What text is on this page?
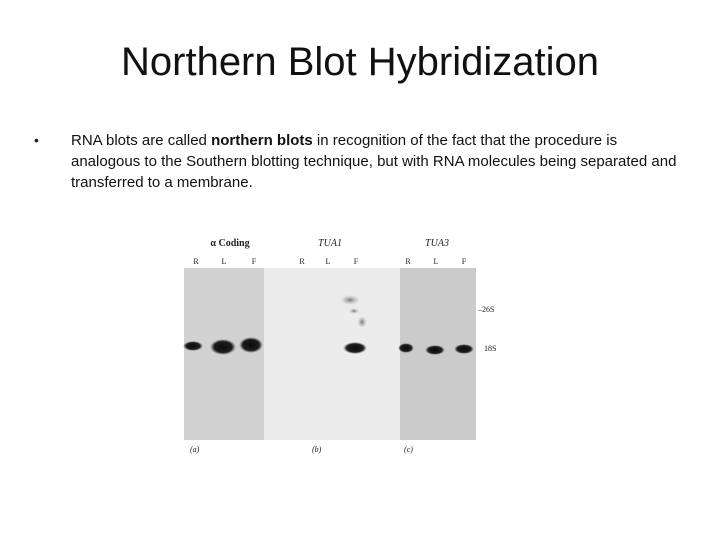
Northern Blot Hybridization
• RNA blots are called northern blots in recognition of the fact that the procedure is analogous to the Southern blotting technique, but with RNA molecules being separated and transferred to a membrane.
α Coding	TUA1	TUA3
R	L	F	R	L	F	R	L	F
–26S
18S
(a)	(b)	(c)
